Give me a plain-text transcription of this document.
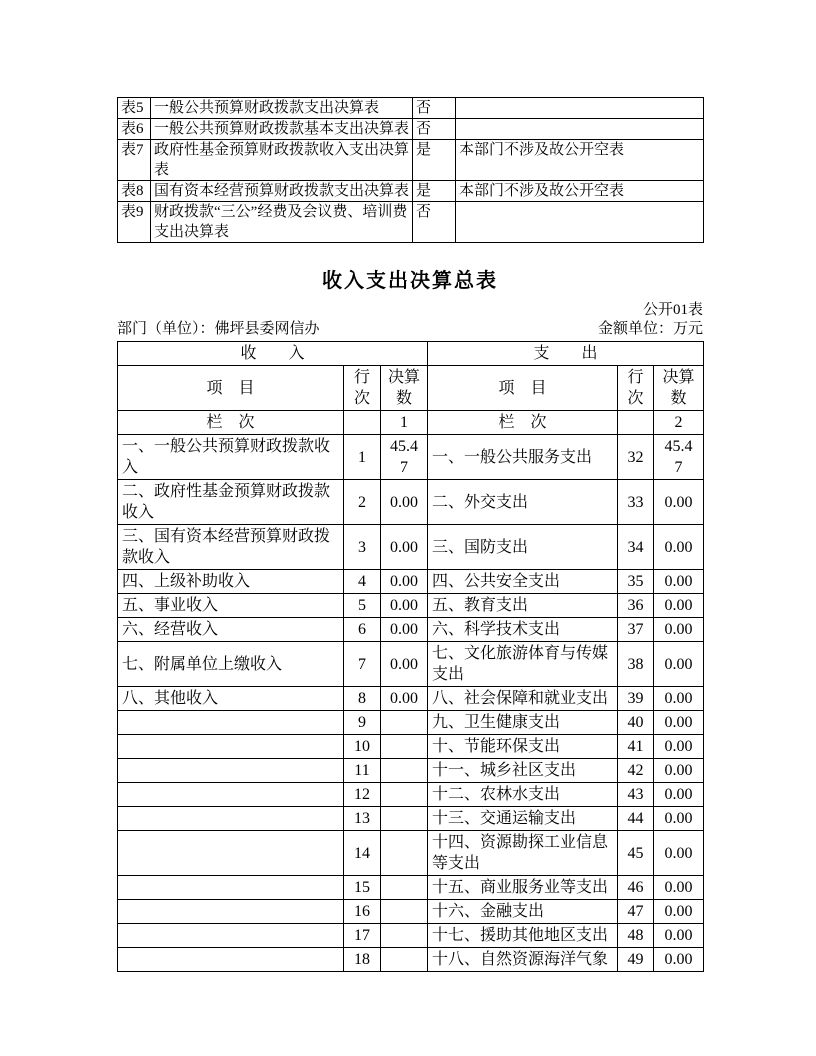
表5	一般公共预算财政拨款支出决算表	否	
表6	一般公共预算财政拨款基本支出决算表	否	
表7	政府性基金预算财政拨款收入支出决算表	是	本部门不涉及故公开空表
表8	国有资本经营预算财政拨款支出决算表	是	本部门不涉及故公开空表
表9	财政拨款“三公”经费及会议费、培训费支出决算表	否	
收入支出决算总表
部门（单位）：佛坪县委网信办
公开01表
金额单位：万元
收　　入			支　　出		
项　目	行次	决算数	项　目	行次	决算数
栏　次		1	栏　次		2
一、一般公共预算财政拨款收入	1	45.47	一、一般公共服务支出	32	45.47
二、政府性基金预算财政拨款收入	2	0.00	二、外交支出	33	0.00
三、国有资本经营预算财政拨款收入	3	0.00	三、国防支出	34	0.00
四、上级补助收入	4	0.00	四、公共安全支出	35	0.00
五、事业收入	5	0.00	五、教育支出	36	0.00
六、经营收入	6	0.00	六、科学技术支出	37	0.00
七、附属单位上缴收入	7	0.00	七、文化旅游体育与传媒支出	38	0.00
八、其他收入	8	0.00	八、社会保障和就业支出	39	0.00
	9		九、卫生健康支出	40	0.00
	10		十、节能环保支出	41	0.00
	11		十一、城乡社区支出	42	0.00
	12		十二、农林水支出	43	0.00
	13		十三、交通运输支出	44	0.00
	14		十四、资源勘探工业信息等支出	45	0.00
	15		十五、商业服务业等支出	46	0.00
	16		十六、金融支出	47	0.00
	17		十七、援助其他地区支出	48	0.00
	18		十八、自然资源海洋气象	49	0.00
